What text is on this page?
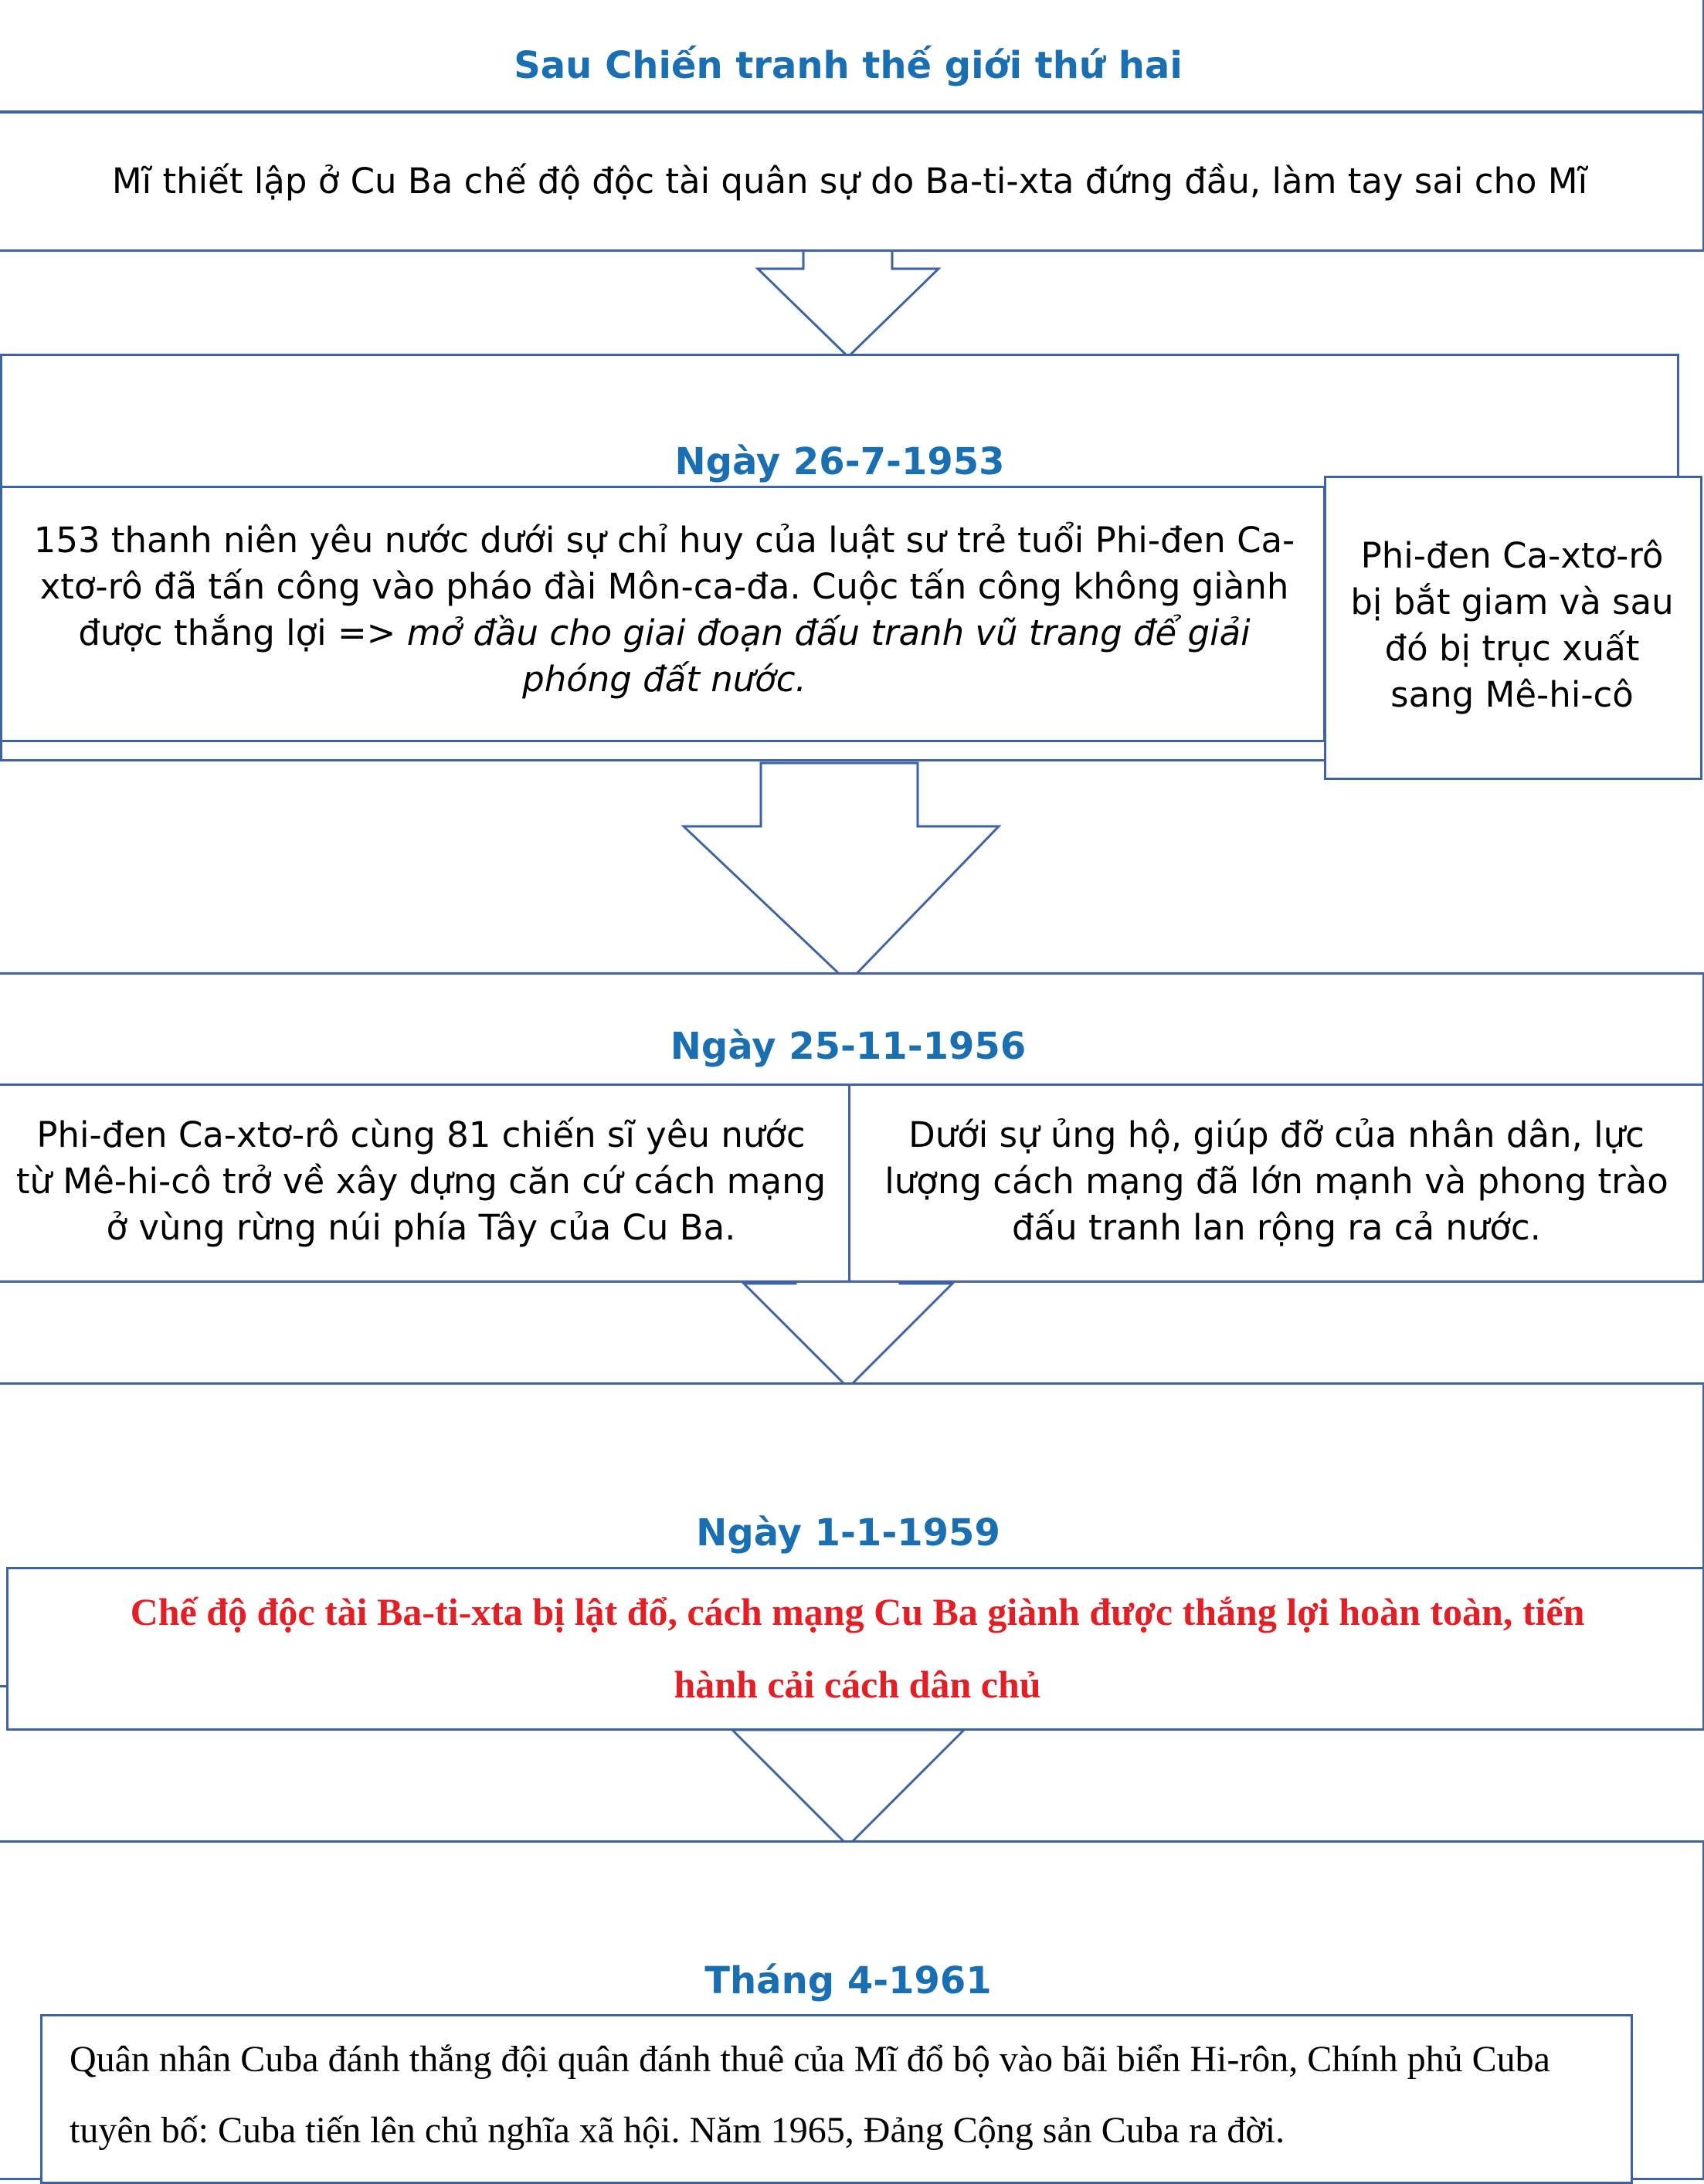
Sau Chiến tranh thế giới thứ hai
Mĩ thiết lập ở Cu Ba chế độ độc tài quân sự do Ba-ti-xta đứng đầu, làm tay sai cho Mĩ
Ngày 26-7-1953
153 thanh niên yêu nước dưới sự chỉ huy của luật sư trẻ tuổi Phi-đen Ca-xtơ-rô đã tấn công vào pháo đài Môn-ca-đa. Cuộc tấn công không giành được thắng lợi => mở đầu cho giai đoạn đấu tranh vũ trang để giải phóng đất nước.
Phi-đen Ca-xtơ-rô bị bắt giam và sau đó bị trục xuất sang Mê-hi-cô
Ngày 25-11-1956
Phi-đen Ca-xtơ-rô cùng 81 chiến sĩ yêu nước từ Mê-hi-cô trở về xây dựng căn cứ cách mạng ở vùng rừng núi phía Tây của Cu Ba.
Dưới sự ủng hộ, giúp đỡ của nhân dân, lực lượng cách mạng đã lớn mạnh và phong trào đấu tranh lan rộng ra cả nước.
Ngày 1-1-1959
Chế độ độc tài Ba-ti-xta bị lật đổ, cách mạng Cu Ba giành được thắng lợi hoàn toàn, tiến hành cải cách dân chủ
Tháng 4-1961
Quân nhân Cuba đánh thắng đội quân đánh thuê của Mĩ đổ bộ vào bãi biển Hi-rôn, Chính phủ Cuba tuyên bố: Cuba tiến lên chủ nghĩa xã hội. Năm 1965, Đảng Cộng sản Cuba ra đời.
